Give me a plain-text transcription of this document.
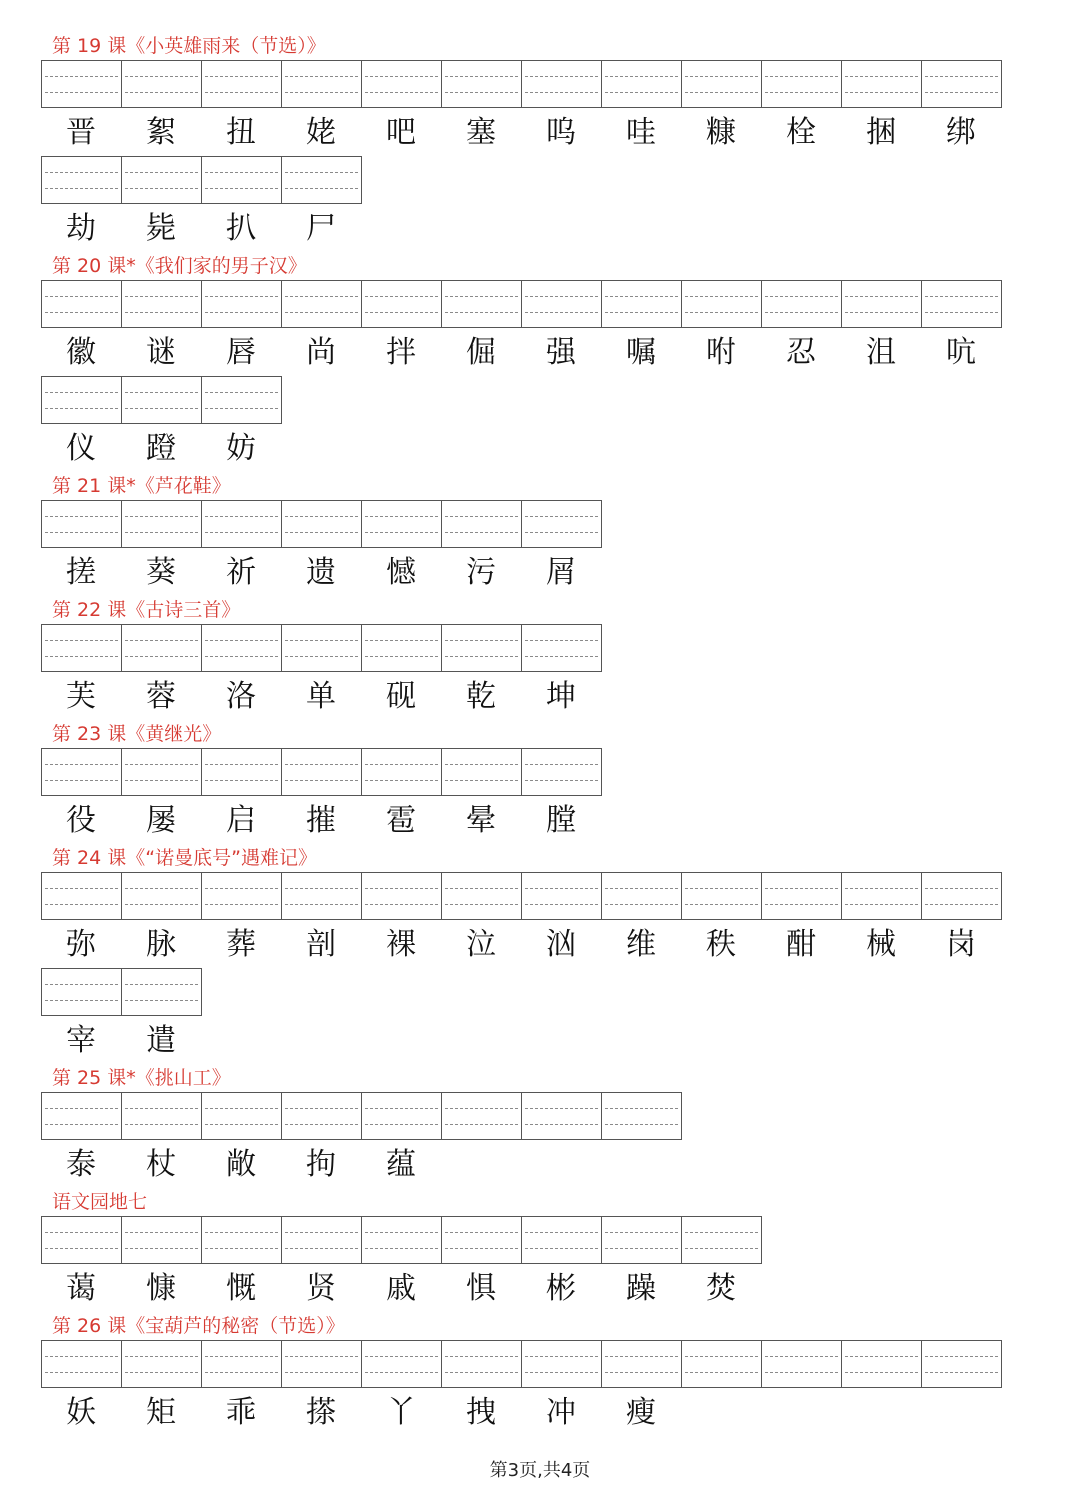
第 19 课《小英雄雨来（节选）》
晋	絮	扭	姥	吧	塞	呜	哇	糠	栓	捆	绑
劫	毙	扒	尸
第 20 课*《我们家的男子汉》
徽	谜	唇	尚	拌	倔	强	嘱	咐	忍	沮	吭
仪	蹬	妨
第 21 课*《芦花鞋》
搓	葵	祈	遗	憾	污	屑
第 22 课《古诗三首》
芙	蓉	洛	单	砚	乾	坤
第 23 课《黄继光》
役	屡	启	摧	雹	晕	膛
第 24 课《“诺曼底号”遇难记》
弥	脉	葬	剖	裸	泣	汹	维	秩	酣	械	岗
宰	遣
第 25 课*《挑山工》
泰	杖	敞	拘	蕴
语文园地七
蔼	慷	慨	贤	戚	惧	彬	躁	焚
第 26 课《宝葫芦的秘密（节选）》
妖	矩	乖	搽	丫	拽	冲	瘦
第3页,共4页
